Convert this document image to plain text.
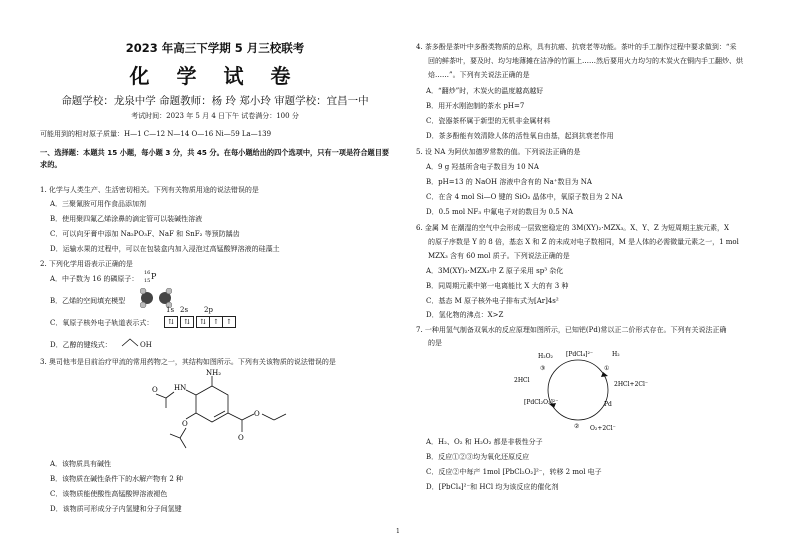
2023 年高三下学期 5 月三校联考
化 学 试 卷
命题学校：龙泉中学 命题教师：杨 玲 郑小玲 审题学校：宜昌一中
考试时间：2023 年 5 月 4 日下午 试卷满分：100 分
可能用到的相对原子质量：H—1 C—12 N—14 O—16 Ni—59 La—139
一、选择题：本题共 15 小题，每小题 3 分，共 45 分。在每小题给出的四个选项中，只有一项是符合题目要求的。
1. 化学与人类生产、生活密切相关。下列有关物质用途的说法错误的是
A．三聚氰胺可用作食品添加剂
B．使用聚四氟乙烯涂鼻的滴定管可以装碱性溶液
C．可以向牙膏中添加 Na₂PO₃F、NaF 和 SnF₂ 等预防龋齿
D．运输水果的过程中，可以在包装盒内加入浸泡过高锰酸钾溶液的硅藻土
2. 下列化学用语表示正确的是
A．中子数为 16 的磷原子：
16
15 P
B．乙烯的空间填充模型
C．氧原子核外电子轨道表示式：
1s 2s 2p
⇅	⇅	⇅	↑	↑
D．乙醇的键线式：	OH
3. 奥司他韦是目前治疗甲流的常用药物之一，其结构如图所示。下列有关该物质的说法错误的是
NH₂
HN
O
O
O
O
A．该物质具有碱性
B．该物质在碱性条件下的水解产物有 2 种
C．该物质能使酸性高锰酸钾溶液褪色
D．该物质可形成分子内氢键和分子间氢键
4. 茶多酚是茶叶中多酚类物质的总称，具有抗癌、抗衰老等功能。茶叶的手工制作过程中要求做到：“采
回的鲜茶叶，要及时、均匀地薄摊在洁净的竹匾上……然后要用火力均匀的木炭火在铜内手工翻炒、烘
焙……”。下列有关说法正确的是
A．“翻炒”时，木炭火的温度越高越好
B．用开水刚泡制的茶水 pH=7
C．瓷器茶杯属于新型的无机非金属材料
D．茶多酚能有效清除人体的活性氧自由基，起到抗衰老作用
5. 设 NA 为阿伏加德罗常数的值。下列说法正确的是
A．9 g 羟基所含电子数目为 10 NA
B．pH=13 的 NaOH 溶液中含有的 Na⁺数目为 NA
C．在含 4 mol Si—O 键的 SiO₂ 晶体中，氧原子数目为 2 NA
D．0.5 mol NF₃ 中氟电子对的数目为 0.5 NA
6. 金属 M 在潮湿的空气中会形成一层致密稳定的 3M(XY)₂·MZX₃。X、Y、Z 为短周期主族元素，X
的原子序数是 Y 的 8 倍，基态 X 和 Z 的未成对电子数相同，M 是人体的必需微量元素之一，1 mol
MZX₃ 含有 60 mol 质子。下列说法正确的是
A．3M(XY)₂·MZX₃中 Z 原子采用 sp³ 杂化
B．同周期元素中第一电离能比 X 大的有 3 种
C．基态 M 原子核外电子排布式为[Ar]4s²
D．氢化物的沸点：X>Z
7. 一种用氢气制备双氧水的反应原理如图所示，已知钯(Pd)常以正二价形式存在。下列有关说法正确
的是
H₂O₂ [PdCl₄]²⁻	H₂
2HCl
2HCl+2Cl⁻
[PdCl₂O₂]²⁻	Pd
O₂+2Cl⁻
①
②
③
A．H₂、O₂ 和 H₂O₂ 都是非极性分子
B．反应①②③均为氧化还原反应
C．反应②中每产 1mol [PbCl₂O₂]²⁻，转移 2 mol 电子
D．[PbCl₄]²⁻和 HCl 均为该反应的催化剂
1
